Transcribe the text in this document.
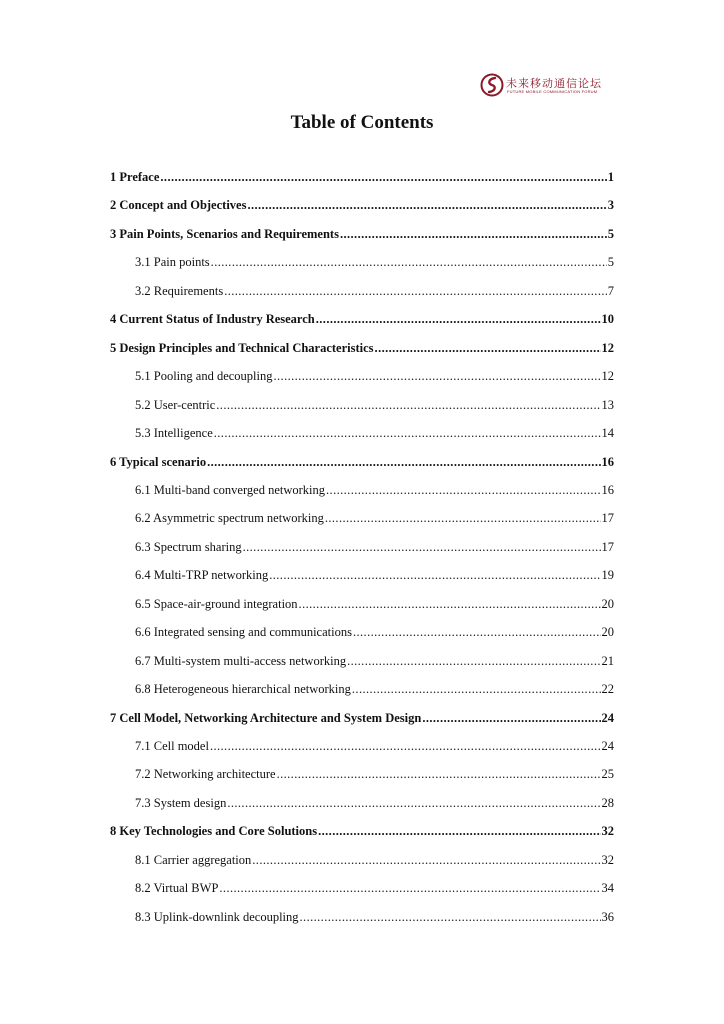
未来移动通信论坛
FUTURE MOBILE COMMUNICATION FORUM
Table of Contents
1 Preface .....	1
2 Concept and Objectives .....	3
3 Pain Points, Scenarios and Requirements .....	5
3.1 Pain points .....	5
3.2 Requirements .....	7
4 Current Status of Industry Research .....	10
5 Design Principles and Technical Characteristics .....	12
5.1 Pooling and decoupling .....	12
5.2 User-centric .....	13
5.3 Intelligence .....	14
6 Typical scenario .....	16
6.1 Multi-band converged networking .....	16
6.2 Asymmetric spectrum networking .....	17
6.3 Spectrum sharing .....	17
6.4 Multi-TRP networking .....	19
6.5 Space-air-ground integration .....	20
6.6 Integrated sensing and communications .....	20
6.7 Multi-system multi-access networking .....	21
6.8 Heterogeneous hierarchical networking .....	22
7 Cell Model, Networking Architecture and System Design .....	24
7.1 Cell model .....	24
7.2 Networking architecture .....	25
7.3 System design .....	28
8 Key Technologies and Core Solutions .....	32
8.1 Carrier aggregation .....	32
8.2 Virtual BWP .....	34
8.3 Uplink-downlink decoupling .....	36
